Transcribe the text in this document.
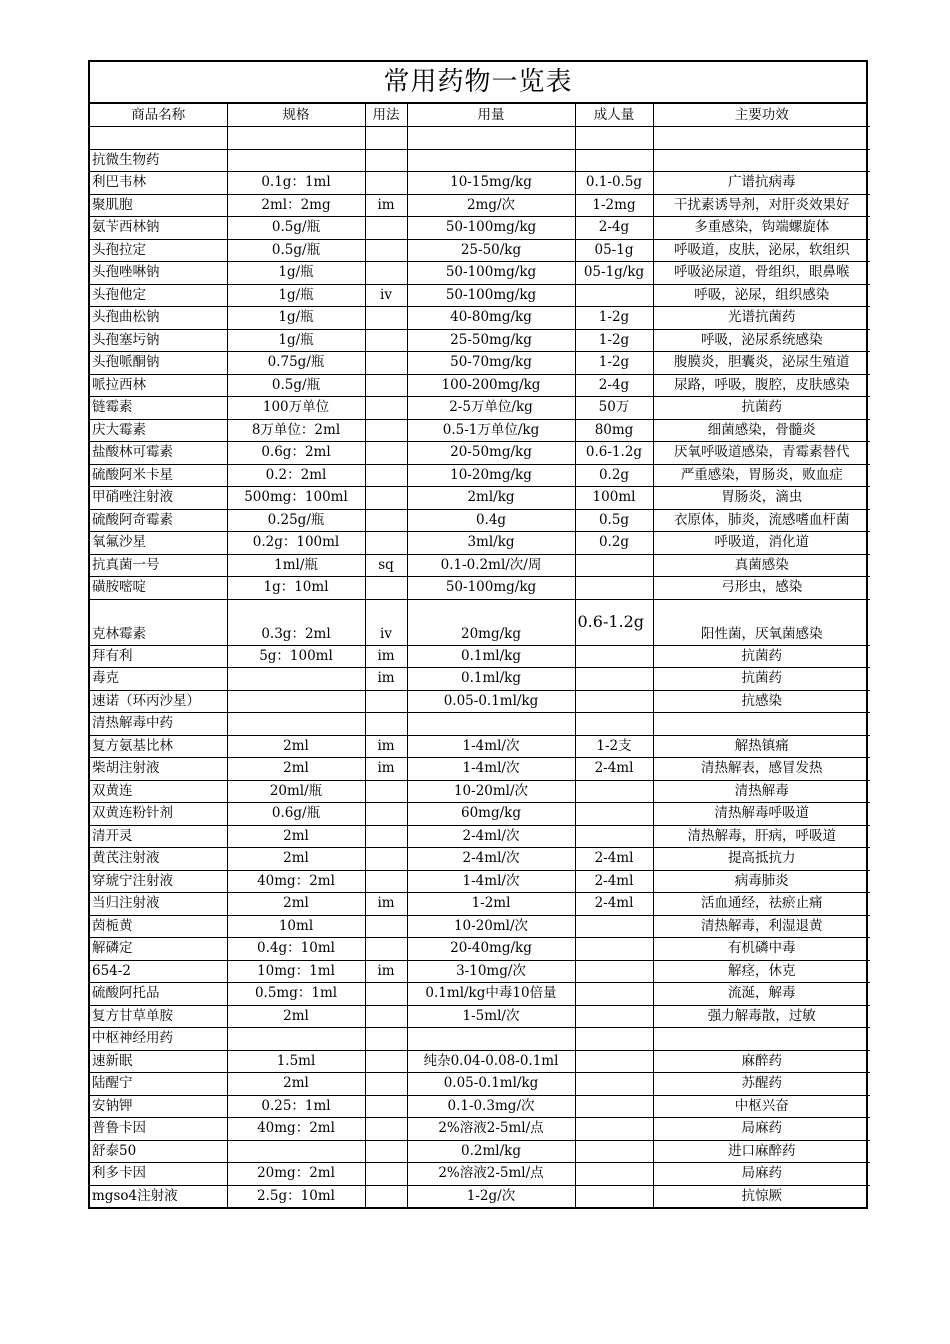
常用药物一览表
商品名称	规格	用法	用量	成人量	主要功效

抗微生物药					
利巴韦林	0.1g：1ml		10-15mg/kg	0.1-0.5g	广谱抗病毒
聚肌胞	2ml：2mg	im	2mg/次	1-2mg	干扰素诱导剂，对肝炎效果好
氨苄西林钠	0.5g/瓶		50-100mg/kg	2-4g	多重感染，钩端螺旋体
头孢拉定	0.5g/瓶		25-50/kg	05-1g	呼吸道，皮肤，泌尿，软组织
头孢唑啉钠	1g/瓶		50-100mg/kg	05-1g/kg	呼吸泌尿道，骨组织，眼鼻喉
头孢他定	1g/瓶	iv	50-100mg/kg		呼吸，泌尿，组织感染
头孢曲松钠	1g/瓶		40-80mg/kg	1-2g	光谱抗菌药
头孢塞圬钠	1g/瓶		25-50mg/kg	1-2g	呼吸，泌尿系统感染
头孢哌酮钠	0.75g/瓶		50-70mg/kg	1-2g	腹膜炎，胆囊炎，泌尿生殖道
哌拉西林	0.5g/瓶		100-200mg/kg	2-4g	尿路，呼吸，腹腔，皮肤感染
链霉素	100万单位		2-5万单位/kg	50万	抗菌药
庆大霉素	8万单位：2ml		0.5-1万单位/kg	80mg	细菌感染，骨髓炎
盐酸林可霉素	0.6g：2ml		20-50mg/kg	0.6-1.2g	厌氧呼吸道感染，青霉素替代
硫酸阿米卡星	0.2：2ml		10-20mg/kg	0.2g	严重感染，胃肠炎，败血症
甲硝唑注射液	500mg：100ml		2ml/kg	100ml	胃肠炎，滴虫
硫酸阿奇霉素	0.25g/瓶		0.4g	0.5g	衣原体，肺炎，流感嗜血杆菌
氧氟沙星	0.2g：100ml		3ml/kg	0.2g	呼吸道，消化道
抗真菌一号	1ml/瓶	sq	0.1-0.2ml/次/周		真菌感染
磺胺嘧啶	1g：10ml		50-100mg/kg		弓形虫，感染
克林霉素	0.3g：2ml	iv	20mg/kg	0.6-1.2g	阳性菌，厌氧菌感染
拜有利	5g：100ml	im	0.1ml/kg		抗菌药
毒克		im	0.1ml/kg		抗菌药
速诺（环丙沙星）			0.05-0.1ml/kg		抗感染
清热解毒中药					
复方氨基比林	2ml	im	1-4ml/次	1-2支	解热镇痛
柴胡注射液	2ml	im	1-4ml/次	2-4ml	清热解表，感冒发热
双黄连	20ml/瓶		10-20ml/次		清热解毒
双黄连粉针剂	0.6g/瓶		60mg/kg		清热解毒呼吸道
清开灵	2ml		2-4ml/次		清热解毒，肝病，呼吸道
黄芪注射液	2ml		2-4ml/次	2-4ml	提高抵抗力
穿琥宁注射液	40mg：2ml		1-4ml/次	2-4ml	病毒肺炎
当归注射液	2ml	im	1-2ml	2-4ml	活血通经，祛瘀止痛
茵栀黄	10ml		10-20ml/次		清热解毒，利湿退黄
解磷定	0.4g：10ml		20-40mg/kg		有机磷中毒
654-2	10mg：1ml	im	3-10mg/次		解痉，休克
硫酸阿托品	0.5mg：1ml		0.1ml/kg中毒10倍量		流涎，解毒
复方甘草单胺	2ml		1-5ml/次		强力解毒散，过敏
中枢神经用药					
速新眠	1.5ml		纯杂0.04-0.08-0.1ml		麻醉药
陆醒宁	2ml		0.05-0.1ml/kg		苏醒药
安钠钾	0.25：1ml		0.1-0.3mg/次		中枢兴奋
普鲁卡因	40mg：2ml		2%溶液2-5ml/点		局麻药
舒泰50			0.2ml/kg		进口麻醉药
利多卡因	20mg：2ml		2%溶液2-5ml/点		局麻药
mgso4注射液	2.5g：10ml		1-2g/次		抗惊厥
